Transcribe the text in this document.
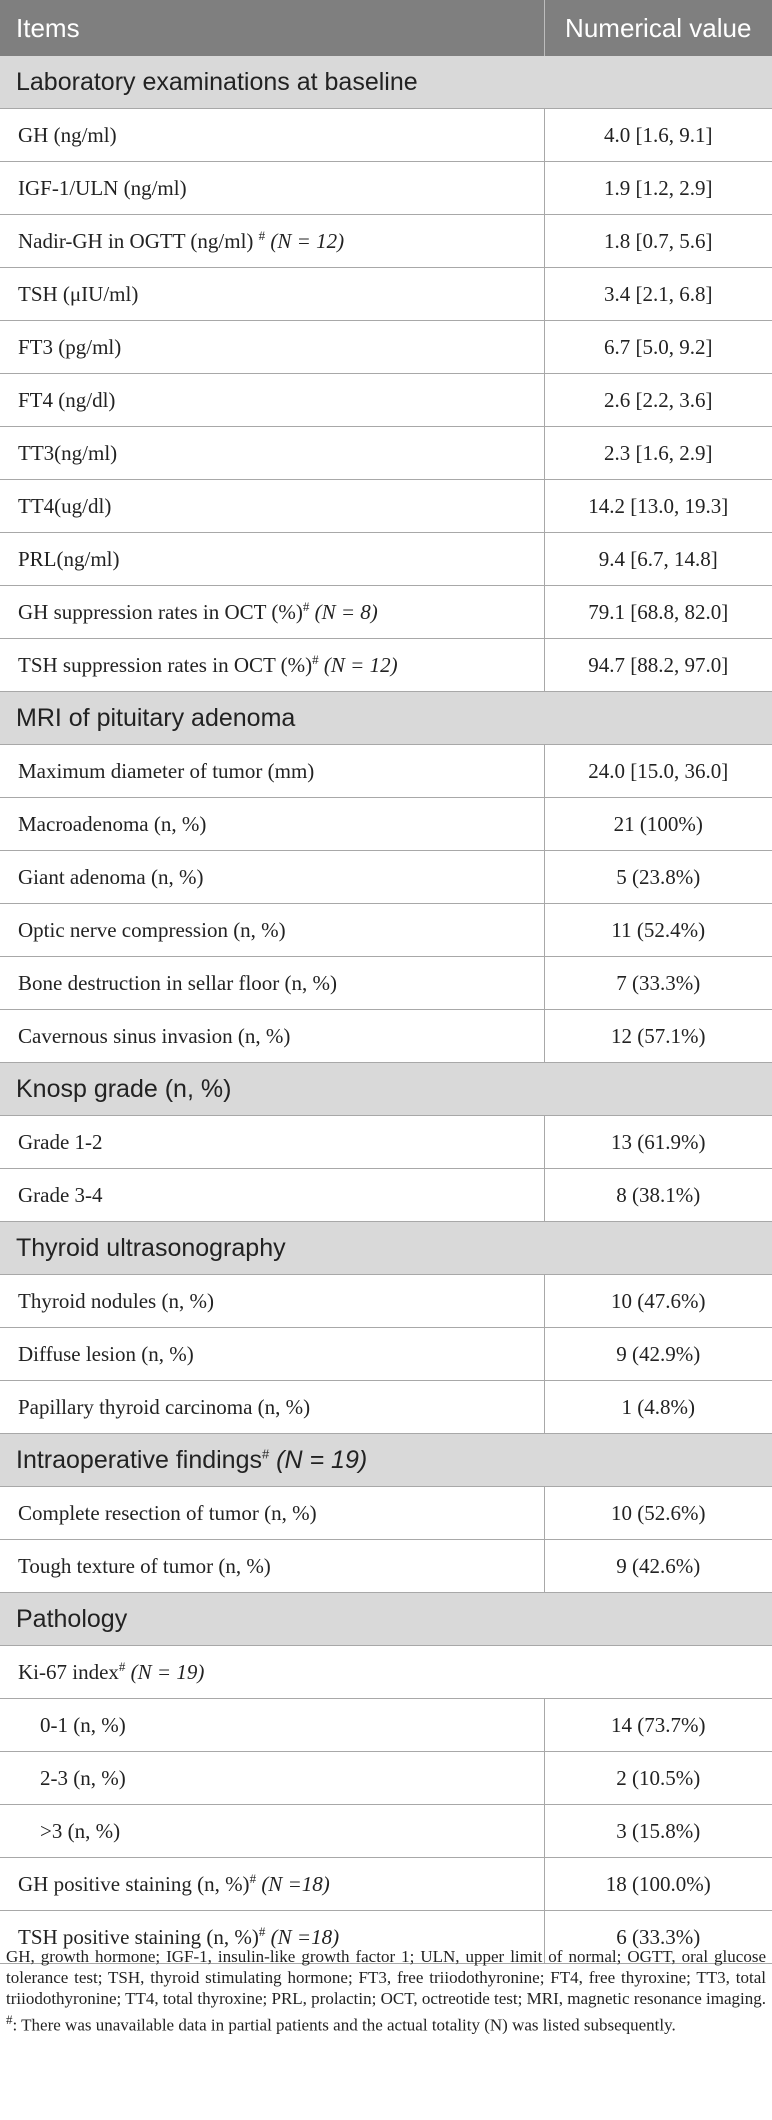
Items	Numerical value
Laboratory examinations at baseline	
GH (ng/ml)	4.0 [1.6, 9.1]
IGF-1/ULN (ng/ml)	1.9 [1.2, 2.9]
Nadir-GH in OGTT (ng/ml) # (N = 12)	1.8 [0.7, 5.6]
TSH (μIU/ml)	3.4 [2.1, 6.8]
FT3 (pg/ml)	6.7 [5.0, 9.2]
FT4 (ng/dl)	2.6 [2.2, 3.6]
TT3(ng/ml)	2.3 [1.6, 2.9]
TT4(ug/dl)	14.2 [13.0, 19.3]
PRL(ng/ml)	9.4 [6.7, 14.8]
GH suppression rates in OCT (%)# (N = 8)	79.1 [68.8, 82.0]
TSH suppression rates in OCT (%)# (N = 12)	94.7 [88.2, 97.0]
MRI of pituitary adenoma	
Maximum diameter of tumor (mm)	24.0 [15.0, 36.0]
Macroadenoma (n, %)	21 (100%)
Giant adenoma (n, %)	5 (23.8%)
Optic nerve compression (n, %)	11 (52.4%)
Bone destruction in sellar floor (n, %)	7 (33.3%)
Cavernous sinus invasion (n, %)	12 (57.1%)
Knosp grade (n, %)	
Grade 1-2	13 (61.9%)
Grade 3-4	8 (38.1%)
Thyroid ultrasonography	
Thyroid nodules (n, %)	10 (47.6%)
Diffuse lesion (n, %)	9 (42.9%)
Papillary thyroid carcinoma (n, %)	1 (4.8%)
Intraoperative findings# (N = 19)	
Complete resection of tumor (n, %)	10 (52.6%)
Tough texture of tumor (n, %)	9 (42.6%)
Pathology	
Ki-67 index# (N = 19)	
0-1 (n, %)	14 (73.7%)
2-3 (n, %)	2 (10.5%)
>3 (n, %)	3 (15.8%)
GH positive staining (n, %)# (N =18)	18 (100.0%)
TSH positive staining (n, %)# (N =18)	6 (33.3%)

GH, growth hormone; IGF-1, insulin-like growth factor 1; ULN, upper limit of normal; OGTT, oral glucose tolerance test; TSH, thyroid stimulating hormone; FT3, free triiodothyronine; FT4, free thyroxine; TT3, total triiodothyronine; TT4, total thyroxine; PRL, prolactin; OCT, octreotide test; MRI, magnetic resonance imaging.

#: There was unavailable data in partial patients and the actual totality (N) was listed subsequently.
